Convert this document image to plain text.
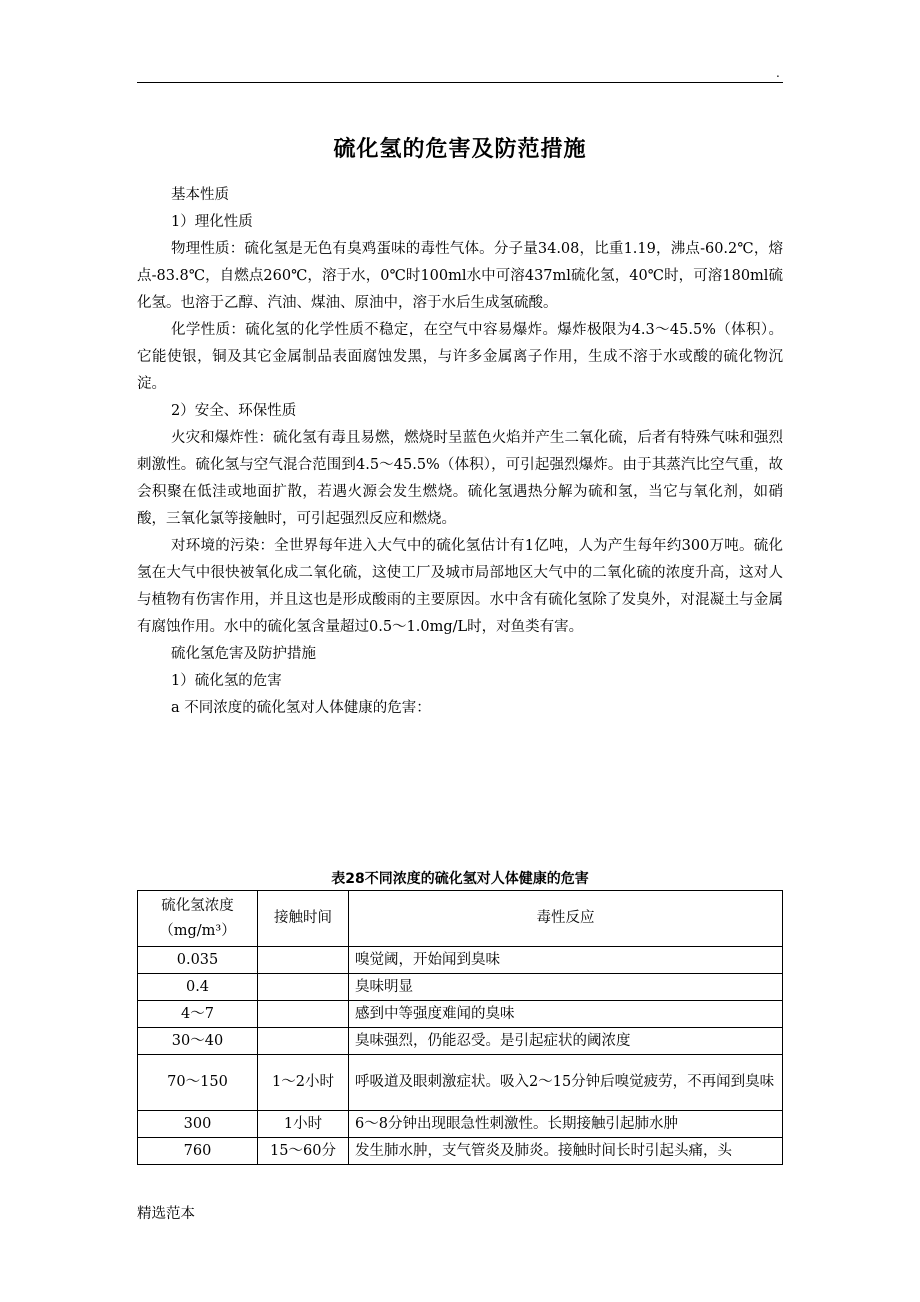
.
硫化氢的危害及防范措施

基本性质

1）理化性质

物理性质：硫化氢是无色有臭鸡蛋味的毒性气体。分子量34.08，比重1.19，沸点-60.2℃，熔点-83.8℃，自燃点260℃，溶于水，0℃时100ml水中可溶437ml硫化氢，40℃时，可溶180ml硫化氢。也溶于乙醇、汽油、煤油、原油中，溶于水后生成氢硫酸。

化学性质：硫化氢的化学性质不稳定，在空气中容易爆炸。爆炸极限为4.3～45.5%（体积）。它能使银，铜及其它金属制品表面腐蚀发黑，与许多金属离子作用，生成不溶于水或酸的硫化物沉淀。

2）安全、环保性质

火灾和爆炸性：硫化氢有毒且易燃，燃烧时呈蓝色火焰并产生二氧化硫，后者有特殊气味和强烈刺激性。硫化氢与空气混合范围到4.5～45.5%（体积），可引起强烈爆炸。由于其蒸汽比空气重，故会积聚在低洼或地面扩散，若遇火源会发生燃烧。硫化氢遇热分解为硫和氢，当它与氧化剂，如硝酸，三氧化氯等接触时，可引起强烈反应和燃烧。

对环境的污染：全世界每年进入大气中的硫化氢估计有1亿吨，人为产生每年约300万吨。硫化氢在大气中很快被氧化成二氧化硫，这使工厂及城市局部地区大气中的二氧化硫的浓度升高，这对人与植物有伤害作用，并且这也是形成酸雨的主要原因。水中含有硫化氢除了发臭外，对混凝土与金属有腐蚀作用。水中的硫化氢含量超过0.5～1.0mg/L时，对鱼类有害。

硫化氢危害及防护措施

1）硫化氢的危害

a 不同浓度的硫化氢对人体健康的危害：

表28不同浓度的硫化氢对人体健康的危害
硫化氢浓度（mg/m³）	接触时间	毒性反应
0.035		嗅觉阈，开始闻到臭味
0.4		臭味明显
4～7		感到中等强度难闻的臭味
30～40		臭味强烈，仍能忍受。是引起症状的阈浓度
70～150	1～2小时	呼吸道及眼刺激症状。吸入2～15分钟后嗅觉疲劳，不再闻到臭味
300	1小时	6～8分钟出现眼急性刺激性。长期接触引起肺水肿
760	15～60分	发生肺水肿，支气管炎及肺炎。接触时间长时引起头痛，头
精选范本
